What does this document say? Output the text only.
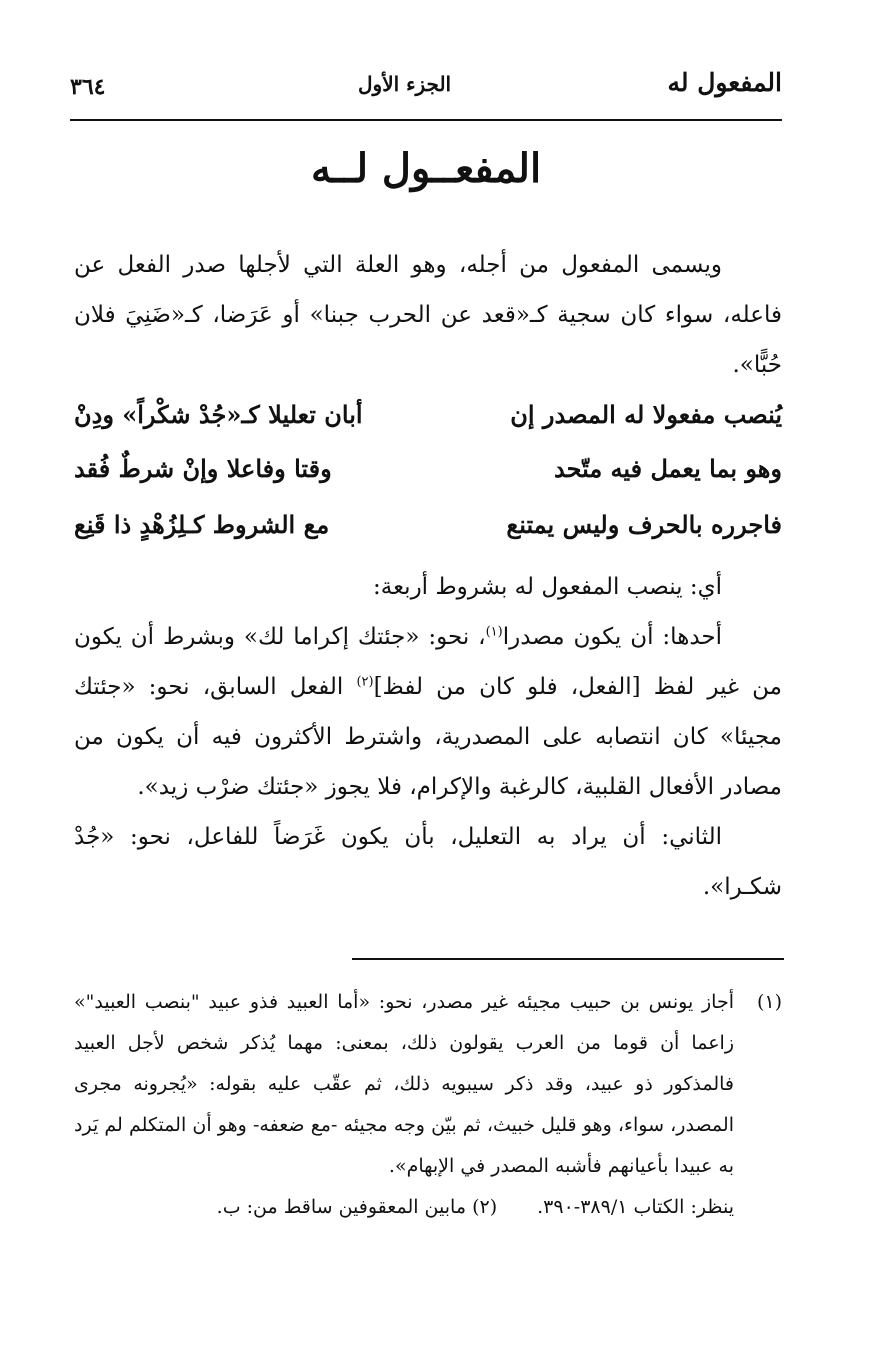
المفعول له
الجزء الأول
٣٦٤
المفعــول لــه
ويسمى المفعول من أجله، وهو العلة التي لأجلها صدر الفعل عن فاعله، سواء كان سجية كـ«قعد عن الحرب جبنا» أو عَرَضا، كـ«ضَنِيَ فلان حُبًّا».
يُنصب مفعولا له المصدر إن
أبان تعليلا كـ«جُدْ شكْراً» ودِنْ
وهو بما يعمل فيه متّحد
وقتا وفاعلا وإنْ شرطٌ فُقد
فاجرره بالحرف وليس يمتنع
مع الشروط كـلِزُهْدٍ ذا قَنِع

أي: ينصب المفعول له بشروط أربعة:

أحدها: أن يكون مصدرا$^{(١)}$، نحو: «جئتك إكراما لك» وبشرط أن يكون من غير لفظ [الفعل، فلو كان من لفظ]$^{(٢)}$ الفعل السابق، نحو: «جئتك مجيئا» كان انتصابه على المصدرية، واشترط الأكثرون فيه أن يكون من مصادر الأفعال القلبية، كالرغبة والإكرام، فلا يجوز «جئتك ضرْب زيد».

الثاني: أن يراد به التعليل، بأن يكون غَرَضاً للفاعل، نحو: «جُدْ شكـرا».

(١)
أجاز يونس بن حبيب مجيئه غير مصدر، نحو: «أما العبيد فذو عبيد "بنصب العبيد"» زاعما أن قوما من العرب يقولون ذلك، بمعنى: مهما يُذكر شخص لأجل العبيد فالمذكور ذو عبيد، وقد ذكر سيبويه ذلك، ثم عقّب عليه بقوله: «يُجرونه مجرى المصدر، سواء، وهو قليل خبيث، ثم بيّن وجه مجيئه -مع ضعفه- وهو أن المتكلم لم يَرد به عبيدا بأعيانهم فأشبه المصدر في الإبهام».
ينظر: الكتاب ٣٨٩/١-٣٩٠.(٢) مابين المعقوفين ساقط من: ب.
